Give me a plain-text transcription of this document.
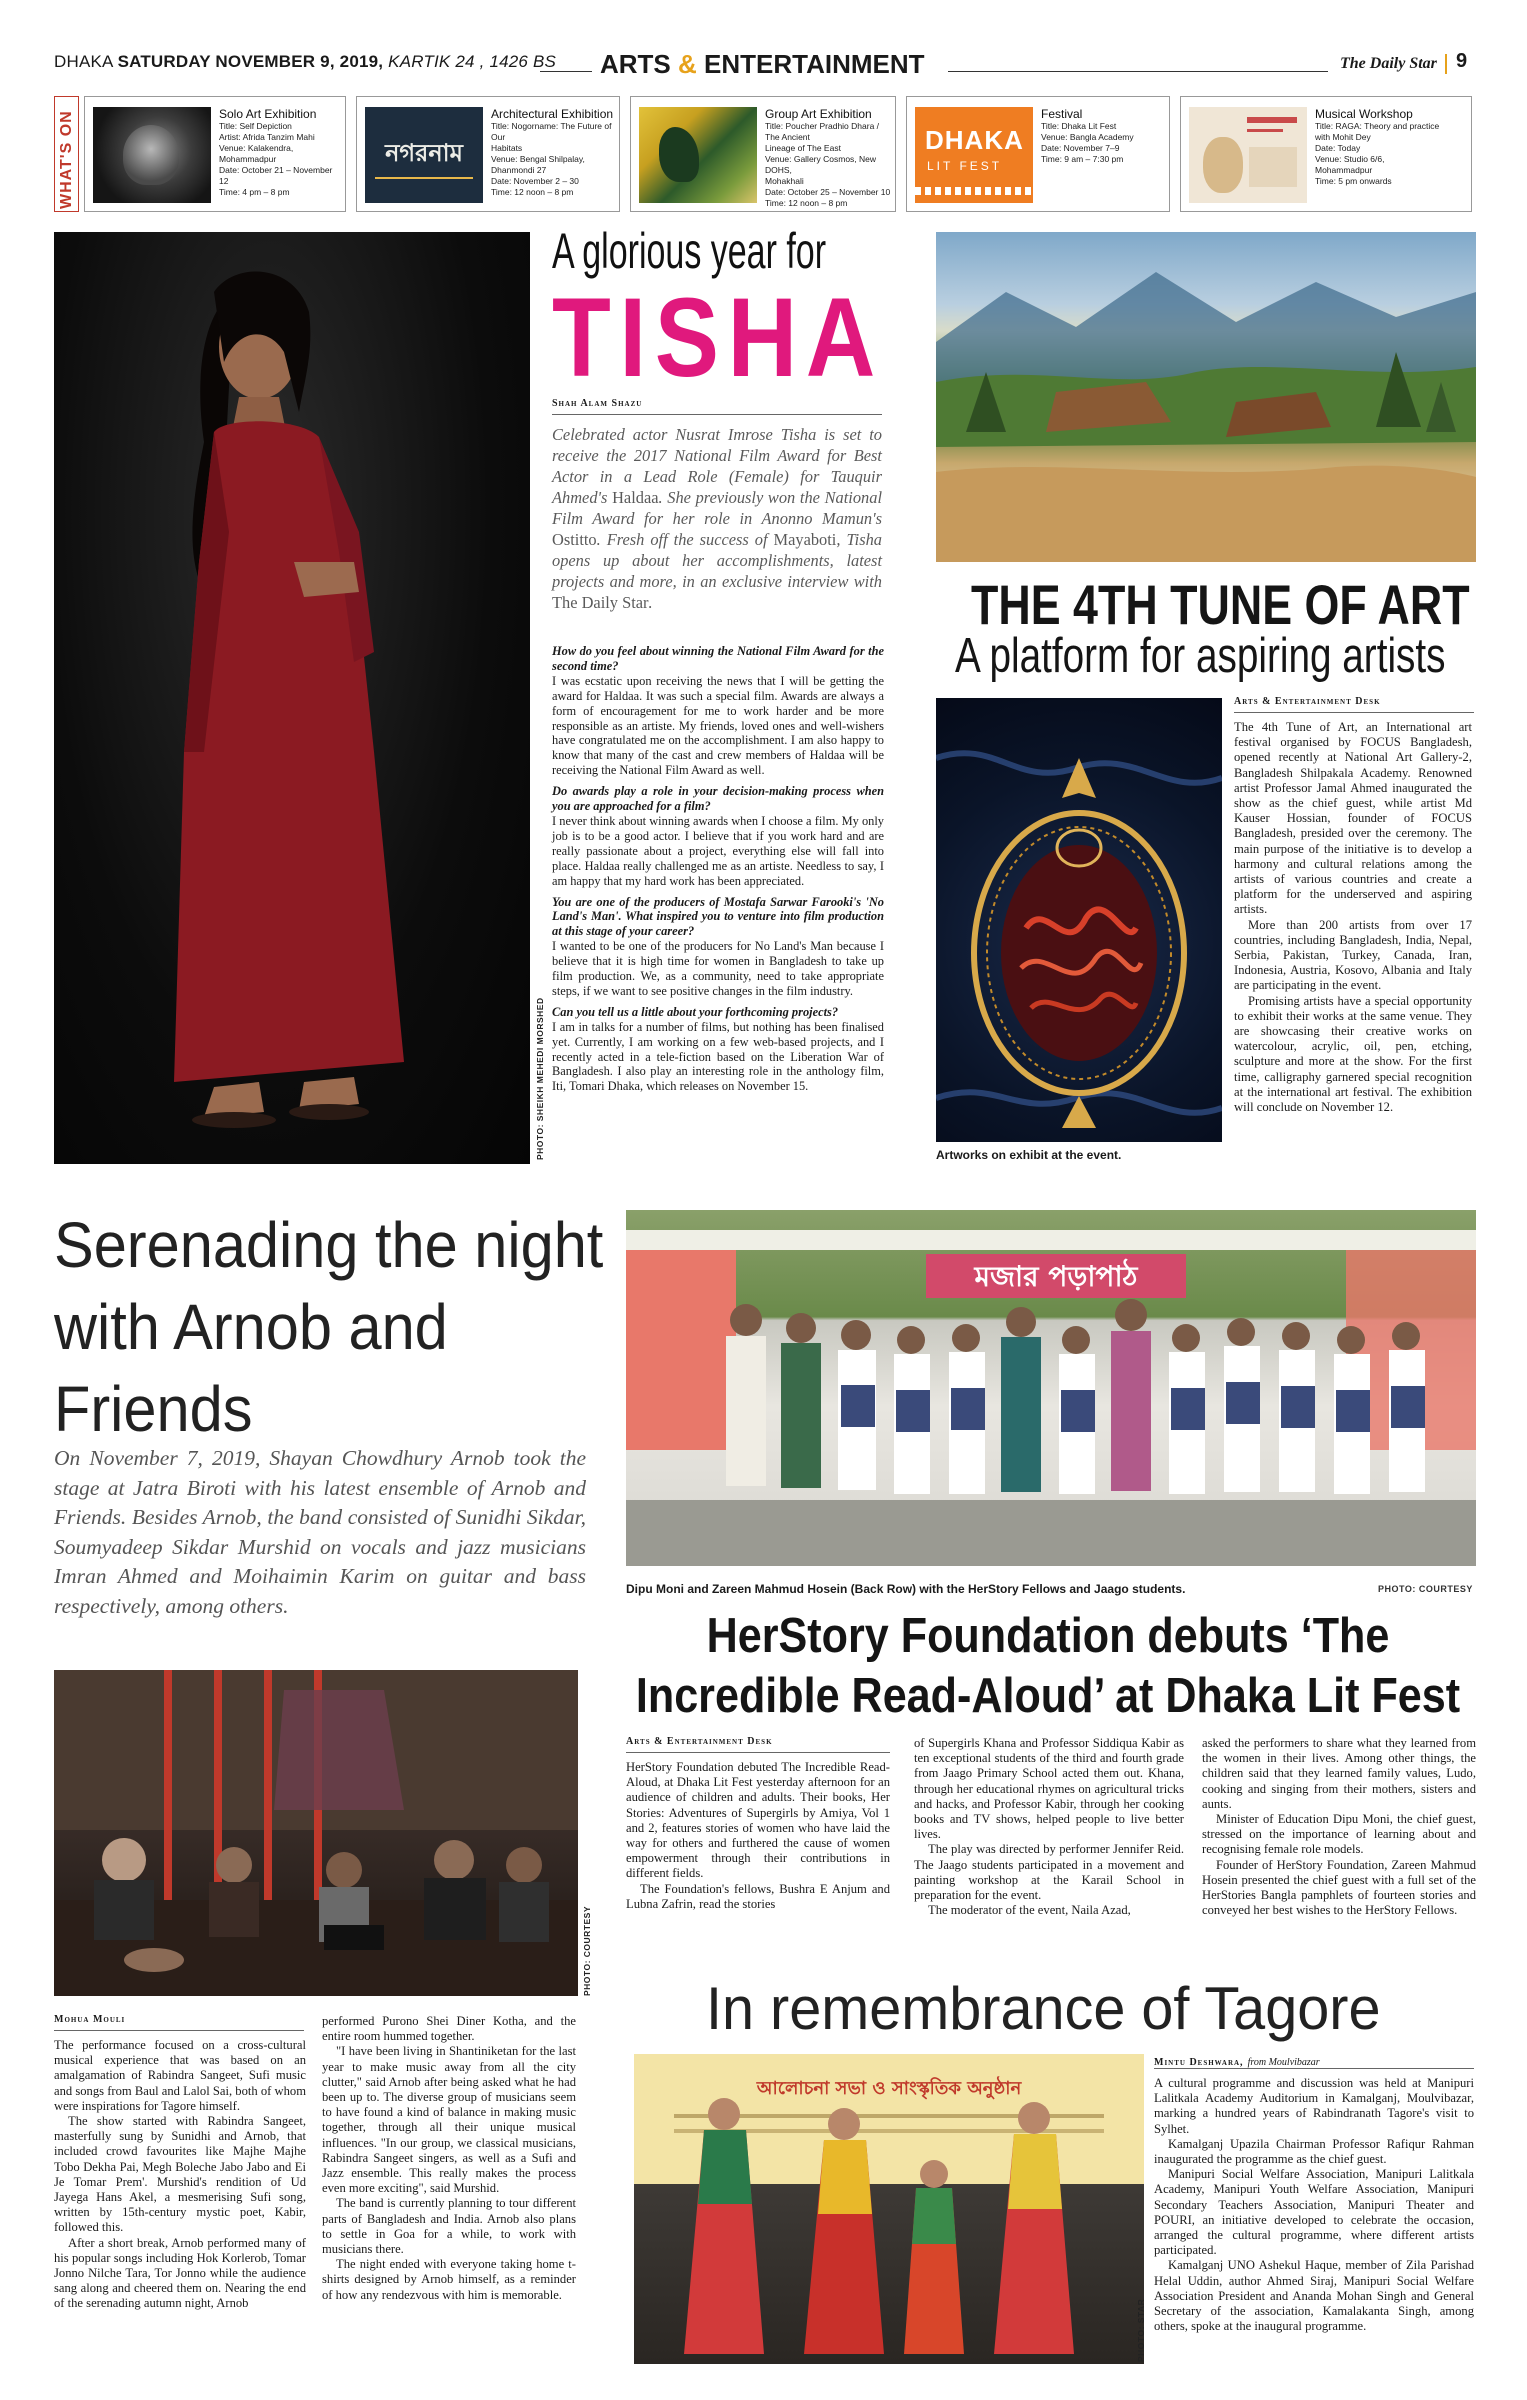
DHAKA SATURDAY NOVEMBER 9, 2019, KARTIK 24 , 1426 BS ARTS & ENTERTAINMENT	The Daily Star 9
WHAT'S ON	Solo Art Exhibition
Title: Self Depiction
Artist: Afrida Tanzim Mahi
Venue: Kalakendra,
Mohammadpur
Date: October 21 – November 12
Time: 4 pm – 8 pm
নগরনাম
Architectural Exhibition
Title: Nogorname: The Future of Our
Habitats
Venue: Bengal Shilpalay, Dhanmondi 27
Date: November 2 – 30
Time: 12 noon – 8 pm
Group Art Exhibition
Title: Poucher Pradhio Dhara / The Ancient
Lineage of The East
Venue: Gallery Cosmos, New DOHS,
Mohakhali
Date: October 25 – November 10
Time: 12 noon – 8 pm
DHAKA
LIT FEST
Festival
Title: Dhaka Lit Fest
Venue: Bangla Academy
Date: November 7–9
Time: 9 am – 7:30 pm
Musical Workshop
Title: RAGA: Theory and practice
with Mohit Dey
Date: Today
Venue: Studio 6/6,
Mohammadpur
Time: 5 pm onwards
PHOTO: SHEIKH MEHEDI MORSHED
A glorious year for
TISHA
Shah Alam Shazu
Celebrated actor Nusrat Imrose Tisha is set to receive the 2017 National Film Award for Best Actor in a Lead Role (Female) for Tauquir Ahmed's Haldaa. She previously won the National Film Award for her role in Anonno Mamun's Ostitto. Fresh off the success of Mayaboti, Tisha opens up about her accomplishments, latest projects and more, in an exclusive interview with The Daily Star.

How do you feel about winning the National Film Award for the second time?

I was ecstatic upon receiving the news that I will be getting the award for Haldaa. It was such a special film. Awards are always a form of encouragement for me to work harder and be more responsible as an artiste. My friends, loved ones and well-wishers have congratulated me on the accomplishment. I am also happy to know that many of the cast and crew members of Haldaa will be receiving the National Film Award as well.

Do awards play a role in your decision-making process when you are approached for a film?

I never think about winning awards when I choose a film. My only job is to be a good actor. I believe that if you work hard and are really passionate about a project, everything else will fall into place. Haldaa really challenged me as an artiste. Needless to say, I am happy that my hard work has been appreciated.

You are one of the producers of Mostafa Sarwar Farooki's 'No Land's Man'. What inspired you to venture into film production at this stage of your career?

I wanted to be one of the producers for No Land's Man because I believe that it is high time for women in Bangladesh to take up film production. We, as a community, need to take appropriate steps, if we want to see positive changes in the film industry.

Can you tell us a little about your forthcoming projects?

I am in talks for a number of films, but nothing has been finalised yet. Currently, I am working on a few web-based projects, and I recently acted in a tele-fiction based on the Liberation War of Bangladesh. I also play an interesting role in the anthology film, Iti, Tomari Dhaka, which releases on November 15.

THE 4TH TUNE OF ART
A platform for aspiring artists
Artworks on exhibit at the event.
Arts & Entertainment Desk

The 4th Tune of Art, an International art festival organised by FOCUS Bangladesh, opened recently at National Art Gallery-2, Bangladesh Shilpakala Academy. Renowned artist Professor Jamal Ahmed inaugurated the show as the chief guest, while artist Md Kauser Hossian, founder of FOCUS Bangladesh, presided over the ceremony. The main purpose of the initiative is to develop a harmony and cultural relations among the artists of various countries and create a platform for the underserved and aspiring artists.

More than 200 artists from over 17 countries, including Bangladesh, India, Nepal, Serbia, Pakistan, Turkey, Canada, Iran, Indonesia, Austria, Kosovo, Albania and Italy are participating in the event.

Promising artists have a special opportunity to exhibit their works at the same venue. They are showcasing their creative works on watercolour, acrylic, oil, pen, etching, sculpture and more at the show. For the first time, calligraphy garnered special recognition at the international art festival. The exhibition will conclude on November 12.

Serenading the night with Arnob and Friends
On November 7, 2019, Shayan Chowdhury Arnob took the stage at Jatra Biroti with his latest ensemble of Arnob and Friends. Besides Arnob, the band consisted of Sunidhi Sikdar, Soumyadeep Sikdar Murshid on vocals and jazz musicians Imran Ahmed and Moihaimin Karim on guitar and bass respectively, among others.
PHOTO: COURTESY
Mohua Mouli

The performance focused on a cross-cultural musical experience that was based on an amalgamation of Rabindra Sangeet, Sufi music and songs from Baul and Lalol Sai, both of whom were inspirations for Tagore himself.

The show started with Rabindra Sangeet, masterfully sung by Sunidhi and Arnob, that included crowd favourites like Majhe Majhe Tobo Dekha Pai, Megh Boleche Jabo Jabo and Ei Je Tomar Prem'. Murshid's rendition of Ud Jayega Hans Akel, a mesmerising Sufi song, written by 15th-century mystic poet, Kabir, followed this.

After a short break, Arnob performed many of his popular songs including Hok Korlerob, Tomar Jonno Nilche Tara, Tor Jonno while the audience sang along and cheered them on. Nearing the end of the serenading autumn night, Arnob

performed Purono Shei Diner Kotha, and the entire room hummed together.

"I have been living in Shantiniketan for the last year to make music away from all the city clutter," said Arnob after being asked what he had been up to. The diverse group of musicians seem to have found a kind of balance in making music together, through all their unique musical influences. "In our group, we classical musicians, Rabindra Sangeet singers, as well as a Sufi and Jazz ensemble. This really makes the process even more exciting", said Murshid.

The band is currently planning to tour different parts of Bangladesh and India. Arnob also plans to settle in Goa for a while, to work with musicians there.

The night ended with everyone taking home t-shirts designed by Arnob himself, as a reminder of how any rendezvous with him is memorable.

মজার পড়াপাঠ
Dipu Moni and Zareen Mahmud Hosein (Back Row) with the HerStory Fellows and Jaago students.	PHOTO: COURTESY
HerStory Foundation debuts ‘The Incredible Read-Aloud’ at Dhaka Lit Fest
Arts & Entertainment Desk

HerStory Foundation debuted The Incredible Read-Aloud, at Dhaka Lit Fest yesterday afternoon for an audience of children and adults. Their books, Her Stories: Adventures of Supergirls by Amiya, Vol 1 and 2, features stories of women who have laid the way for others and furthered the cause of women empowerment through their contributions in different fields.

The Foundation's fellows, Bushra E Anjum and Lubna Zafrin, read the stories

of Supergirls Khana and Professor Siddiqua Kabir as ten exceptional students of the third and fourth grade from Jaago Primary School acted them out. Khana, through her educational rhymes on agricultural tricks and hacks, and Professor Kabir, through her cooking books and TV shows, helped people to live better lives.

The play was directed by performer Jennifer Reid. The Jaago students participated in a movement and painting workshop at the Karail School in preparation for the event.

The moderator of the event, Naila Azad,

asked the performers to share what they learned from the women in their lives. Among other things, the children said that they learned family values, Ludo, cooking and singing from their mothers, sisters and aunts.

Minister of Education Dipu Moni, the chief guest, stressed on the importance of learning about and recognising female role models.

Founder of HerStory Foundation, Zareen Mahmud Hosein presented the chief guest with a full set of the HerStories Bangla pamphlets of fourteen stories and conveyed her best wishes to the HerStory Fellows.

In remembrance of Tagore
আলোচনা সভা ও সাংস্কৃতিক অনুষ্ঠান
PHOTO: STAR
Mintu Deshwara, from Moulvibazar

A cultural programme and discussion was held at Manipuri Lalitkala Academy Auditorium in Kamalganj, Moulvibazar, marking a hundred years of Rabindranath Tagore's visit to Sylhet.

Kamalganj Upazila Chairman Professor Rafiqur Rahman inaugurated the programme as the chief guest.

Manipuri Social Welfare Association, Manipuri Lalitkala Academy, Manipuri Youth Welfare Association, Manipuri Secondary Teachers Association, Manipuri Theater and POURI, an initiative developed to celebrate the occasion, arranged the cultural programme, where different artists participated.

Kamalganj UNO Ashekul Haque, member of Zila Parishad Helal Uddin, author Ahmed Siraj, Manipuri Social Welfare Association President and Ananda Mohan Singh and General Secretary of the association, Kamalakanta Singh, among others, spoke at the inaugural programme.
